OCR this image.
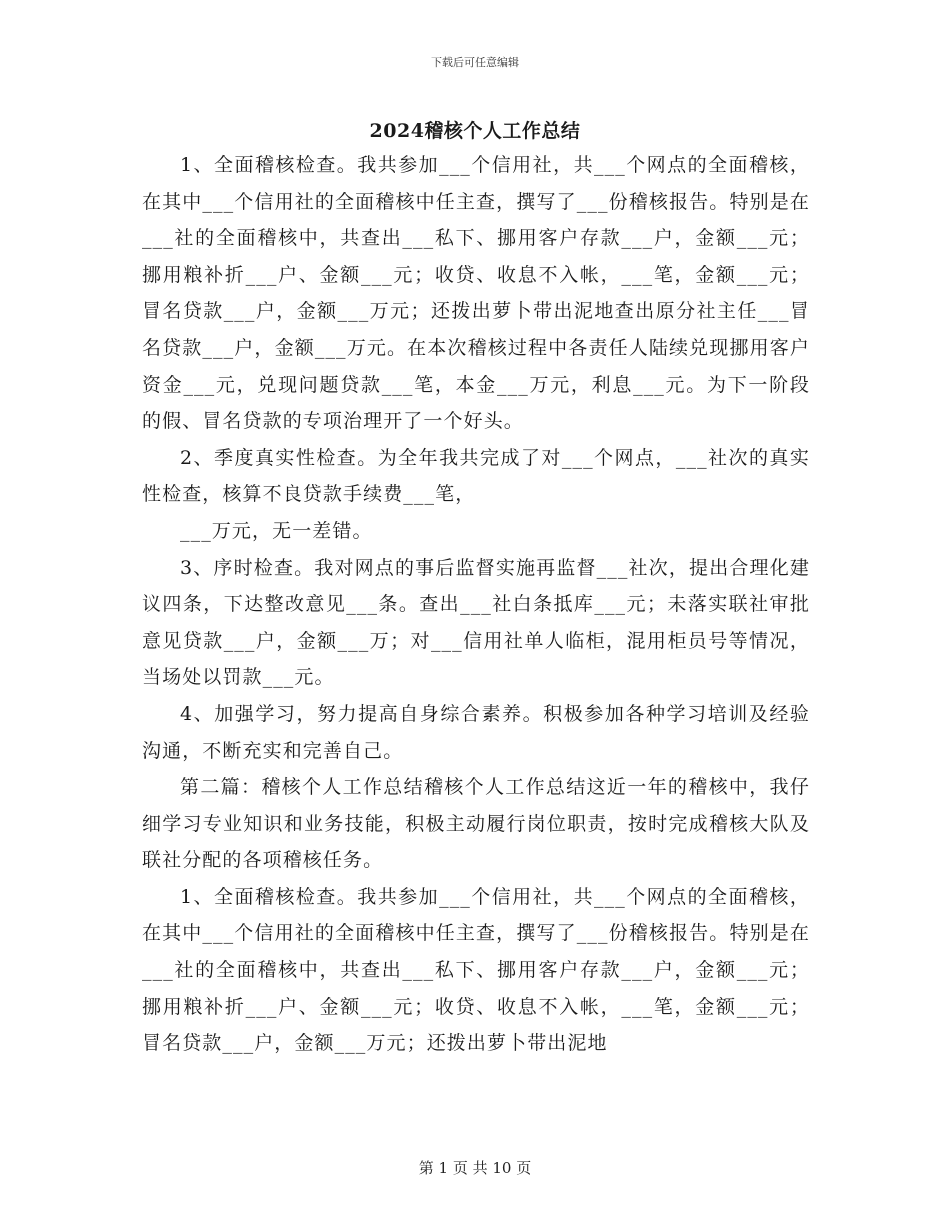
下载后可任意编辑
2024稽核个人工作总结

1、全面稽核检查。我共参加___个信用社，共___个网点的全面稽核，在其中___个信用社的全面稽核中任主查，撰写了___份稽核报告。特别是在___社的全面稽核中，共查出___私下、挪用客户存款___户，金额___元；挪用粮补折___户、金额___元；收贷、收息不入帐，___笔，金额___元；冒名贷款___户，金额___万元；还拨出萝卜带出泥地查出原分社主任___冒名贷款___户，金额___万元。在本次稽核过程中各责任人陆续兑现挪用客户资金___元，兑现问题贷款___笔，本金___万元，利息___元。为下一阶段的假、冒名贷款的专项治理开了一个好头。

2、季度真实性检查。为全年我共完成了对___个网点，___社次的真实性检查，核算不良贷款手续费___笔，

___万元，无一差错。

3、序时检查。我对网点的事后监督实施再监督___社次，提出合理化建议四条，下达整改意见___条。查出___社白条抵库___元；未落实联社审批意见贷款___户，金额___万；对___信用社单人临柜，混用柜员号等情况，当场处以罚款___元。

4、加强学习，努力提高自身综合素养。积极参加各种学习培训及经验沟通，不断充实和完善自己。

第二篇：稽核个人工作总结稽核个人工作总结这近一年的稽核中，我仔细学习专业知识和业务技能，积极主动履行岗位职责，按时完成稽核大队及联社分配的各项稽核任务。

1、全面稽核检查。我共参加___个信用社，共___个网点的全面稽核，在其中___个信用社的全面稽核中任主查，撰写了___份稽核报告。特别是在___社的全面稽核中，共查出___私下、挪用客户存款___户，金额___元；挪用粮补折___户、金额___元；收贷、收息不入帐，___笔，金额___元；冒名贷款___户，金额___万元；还拨出萝卜带出泥地

第 1 页 共 10 页
